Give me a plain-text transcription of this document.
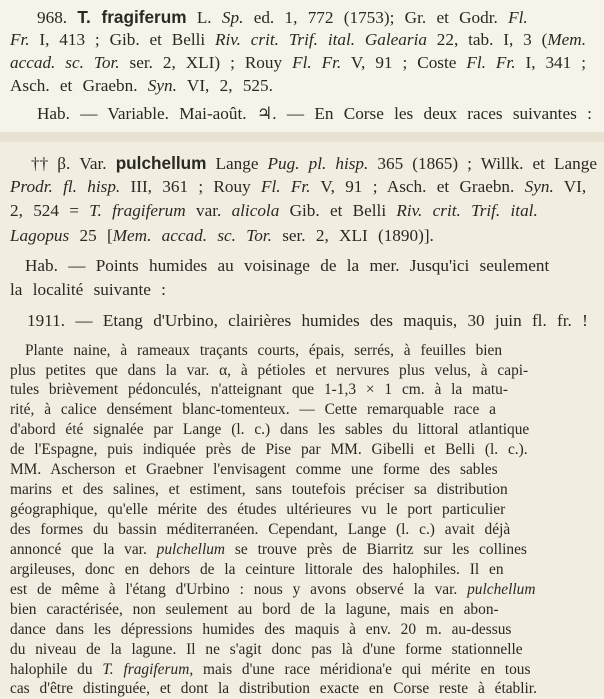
968. T. fragiferum L. Sp. ed. 1, 772 (1753); Gr. et Godr. Fl.
Fr. I, 413 ; Gib. et Belli Riv. crit. Trif. ital. Galearia 22, tab. I, 3 (Mem.
accad. sc. Tor. ser. 2, XLI) ; Rouy Fl. Fr. V, 91 ; Coste Fl. Fr. I, 341 ;
Asch. et Graebn. Syn. VI, 2, 525.
Hab. — Variable. Mai-août. ♃. — En Corse les deux races suivantes :
†† β. Var. pulchellum Lange Pug. pl. hisp. 365 (1865) ; Willk. et Lange
Prodr. fl. hisp. III, 361 ; Rouy Fl. Fr. V, 91 ; Asch. et Graebn. Syn. VI,
2, 524 = T. fragiferum var. alicola Gib. et Belli Riv. crit. Trif. ital.
Lagopus 25 [Mem. accad. sc. Tor. ser. 2, XLI (1890)].
Hab. — Points humides au voisinage de la mer. Jusqu'ici seulement
la localité suivante :
1911. — Etang d'Urbino, clairières humides des maquis, 30 juin fl. fr. !
Plante naine, à rameaux traçants courts, épais, serrés, à feuilles bien
plus petites que dans la var. α, à pétioles et nervures plus velus, à capi-
tules brièvement pédonculés, n'atteignant que 1-1,3 × 1 cm. à la matu-
rité, à calice densément blanc-tomenteux. — Cette remarquable race a
d'abord été signalée par Lange (l. c.) dans les sables du littoral atlantique
de l'Espagne, puis indiquée près de Pise par MM. Gibelli et Belli (l. c.).
MM. Ascherson et Graebner l'envisagent comme une forme des sables
marins et des salines, et estiment, sans toutefois préciser sa distribution
géographique, qu'elle mérite des études ultérieures vu le port particulier
des formes du bassin méditerranéen. Cependant, Lange (l. c.) avait déjà
annoncé que la var. pulchellum se trouve près de Biarritz sur les collines
argileuses, donc en dehors de la ceinture littorale des halophiles. Il en
est de même à l'étang d'Urbino : nous y avons observé la var. pulchellum
bien caractérisée, non seulement au bord de la lagune, mais en abon-
dance dans les dépressions humides des maquis à env. 20 m. au-dessus
du niveau de la lagune. Il ne s'agit donc pas là d'une forme stationnelle
halophile du T. fragiferum, mais d'une race méridiona'e qui mérite en tous
cas d'être distinguée, et dont la distribution exacte en Corse reste à établir.
